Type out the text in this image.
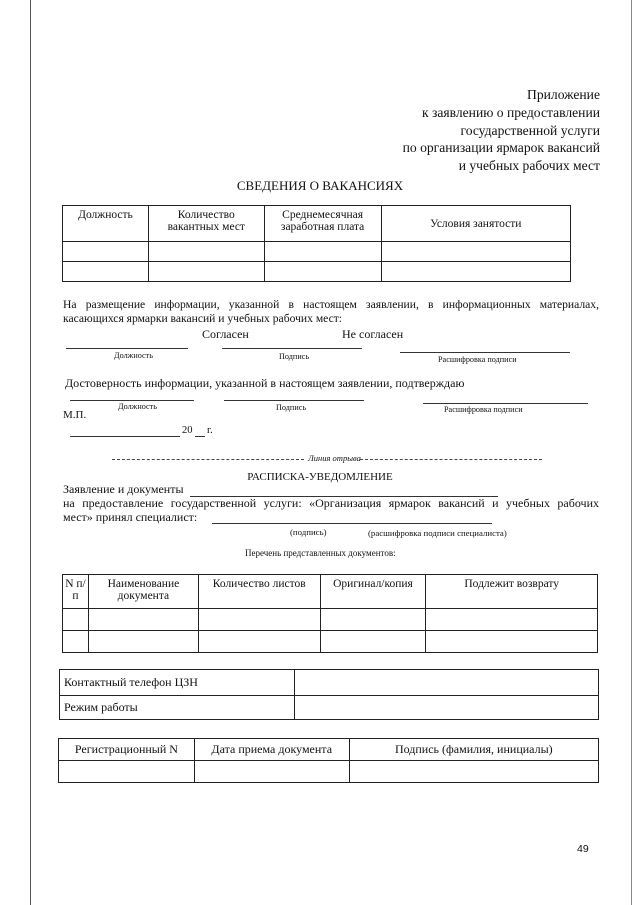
Приложение
к заявлению о предоставлении
государственной услуги
по организации ярмарок вакансий
и учебных рабочих мест
СВЕДЕНИЯ О ВАКАНСИЯХ
Должность	Количество вакантных мест	Среднемесячная заработная плата	Условия занятости

На размещение информации, указанной в настоящем заявлении, в информационных материалах, касающихся ярмарки вакансий и учебных рабочих мест:
Согласен	Не согласен
Должность	Подпись	Расшифровка подписи
Достоверность информации, указанной в настоящем заявлении, подтверждаю
Должность	Подпись	Расшифровка подписи
М.П.
20 г.
Линия отрыва
РАСПИСКА-УВЕДОМЛЕНИЕ
Заявление и документы
на предоставление государственной услуги: «Организация ярмарок вакансий и учебных рабочих
мест» принял специалист:
(подпись)	(расшифровка подписи специалиста)
Перечень представленных документов:
N п/п	Наименование документа	Количество листов	Оригинал/копия	Подлежит возврату

Контактный телефон ЦЗН	
Режим работы	
Регистрационный N	Дата приема документа	Подпись (фамилия, инициалы)

49
